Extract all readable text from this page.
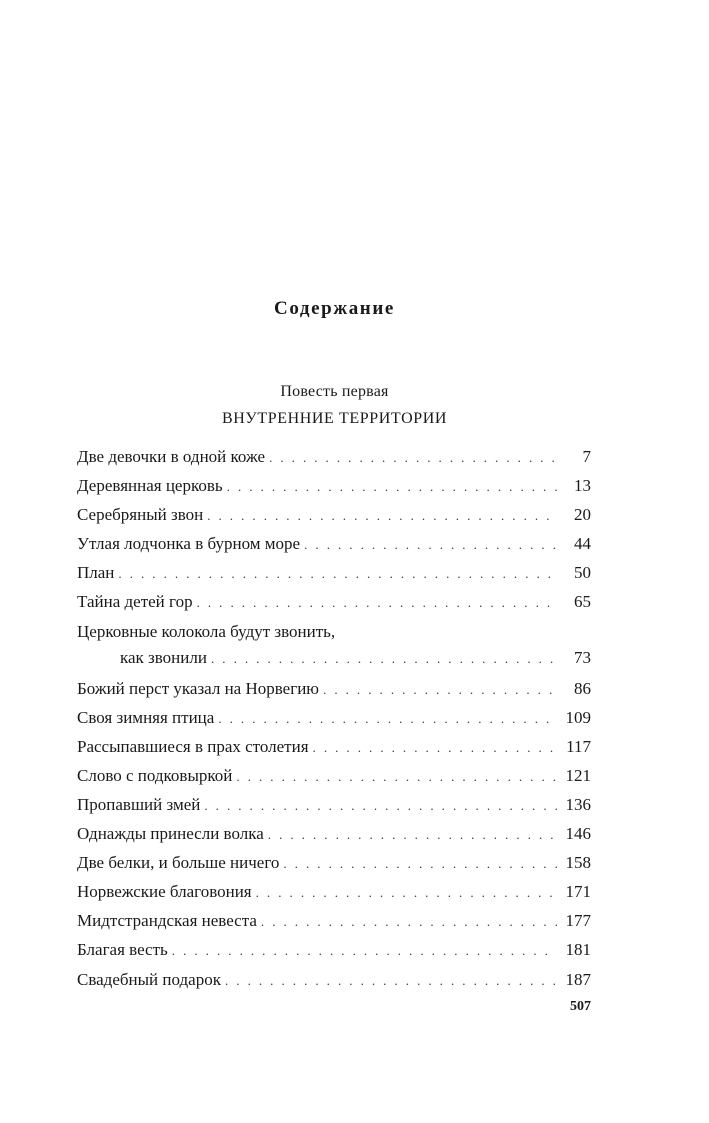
Содержание
Повесть первая
ВНУТРЕННИЕ ТЕРРИТОРИИ
Две девочки в одной коже . . .	7
Деревянная церковь . . .	13
Серебряный звон . . .	20
Утлая лодчонка в бурном море . . .	44
План . . .	50
Тайна детей гор . . .	65
Церковные колокола будут звонить,
как звонили . . .	73
Божий перст указал на Норвегию . . .	86
Своя зимняя птица . . .	109
Рассыпавшиеся в прах столетия . . .	117
Слово с подковыркой . . .	121
Пропавший змей . . .	136
Однажды принесли волка . . .	146
Две белки, и больше ничего . . .	158
Норвежские благовония . . .	171
Мидтстрандская невеста . . .	177
Благая весть . . .	181
Свадебный подарок . . .	187
507
